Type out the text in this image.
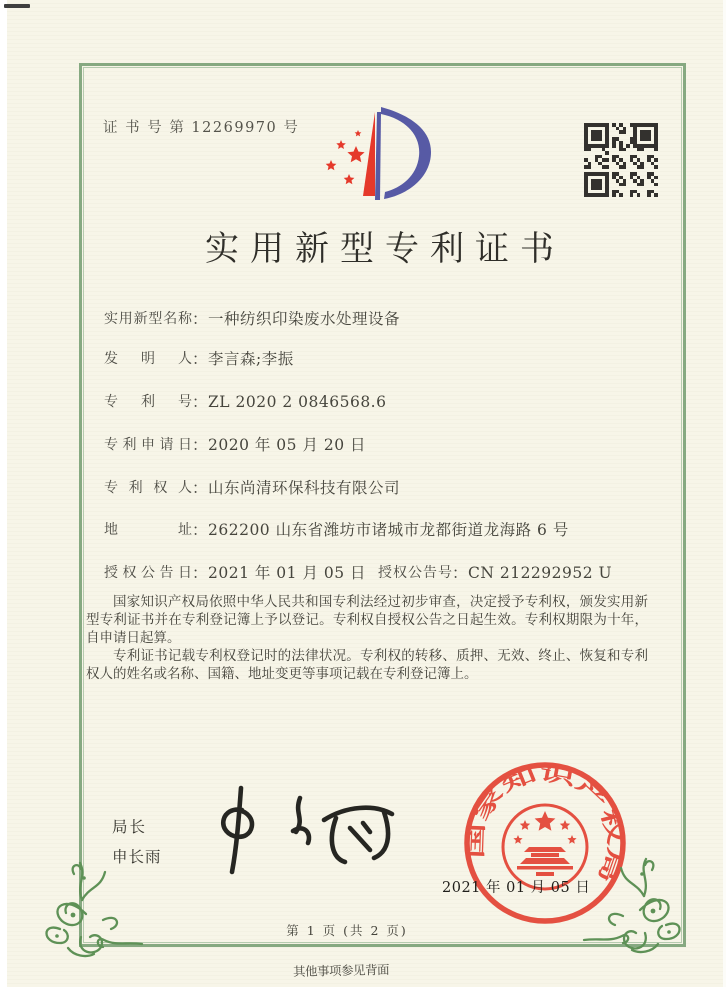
证 书 号 第 12269970 号
实用新型专利证书
实用新型名称：一种纺织印染废水处理设备
发明人：李言森;李振
专利号：ZL 2020 2 0846568.6
专利申请日：2020 年 05 月 20 日
专利权人：山东尚清环保科技有限公司
地址：262200 山东省潍坊市诸城市龙都街道龙海路 6 号
授权公告日：2021 年 01 月 05 日 授权公告号：CN 212292952 U

国家知识产权局依照中华人民共和国专利法经过初步审查，决定授予专利权，颁发实用新型专利证书并在专利登记簿上予以登记。专利权自授权公告之日起生效。专利权期限为十年，自申请日起算。

专利证书记载专利权登记时的法律状况。专利权的转移、质押、无效、终止、恢复和专利权人的姓名或名称、国籍、地址变更等事项记载在专利登记簿上。

局长
申长雨	国家知识产权局
2021 年 01 月 05 日
第 1 页 (共 2 页)
其他事项参见背面
